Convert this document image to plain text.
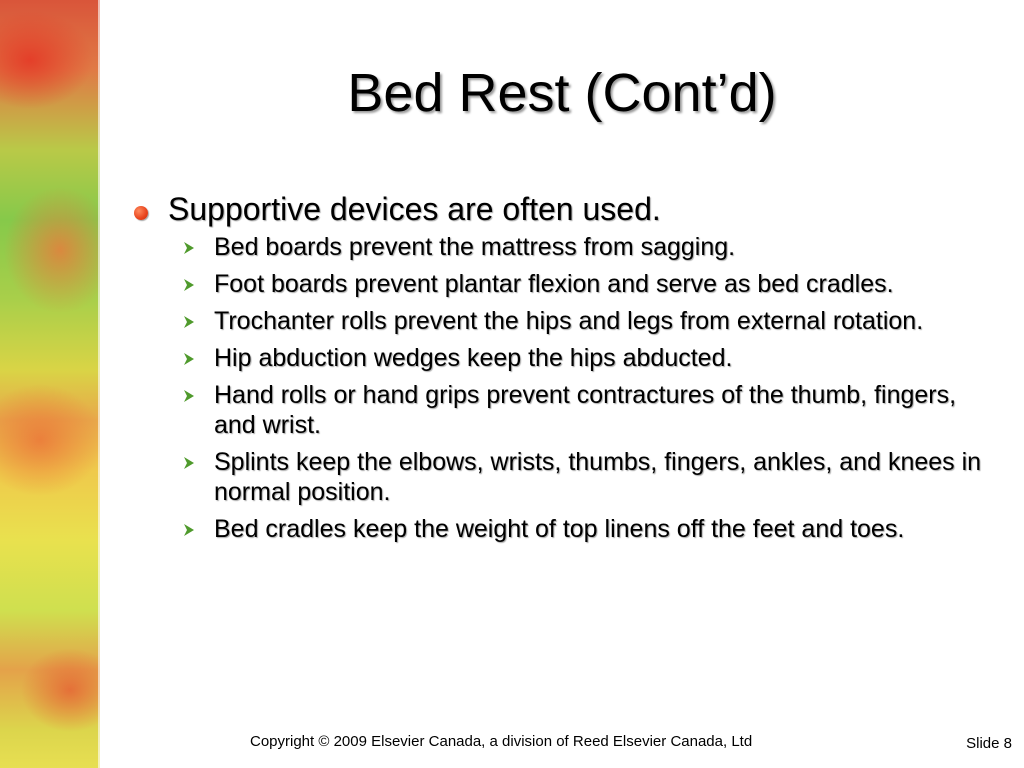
Bed Rest (Cont’d)
Supportive devices are often used.
Bed boards prevent the mattress from sagging.
Foot boards prevent plantar flexion and serve as bed cradles.
Trochanter rolls prevent the hips and legs from external rotation.
Hip abduction wedges keep the hips abducted.
Hand rolls or hand grips prevent contractures of the thumb, fingers, and wrist.
Splints keep the elbows, wrists, thumbs, fingers, ankles, and knees in normal position.
Bed cradles keep the weight of top linens off the feet and toes.
Copyright © 2009 Elsevier Canada, a division of Reed Elsevier Canada, Ltd	Slide 8
